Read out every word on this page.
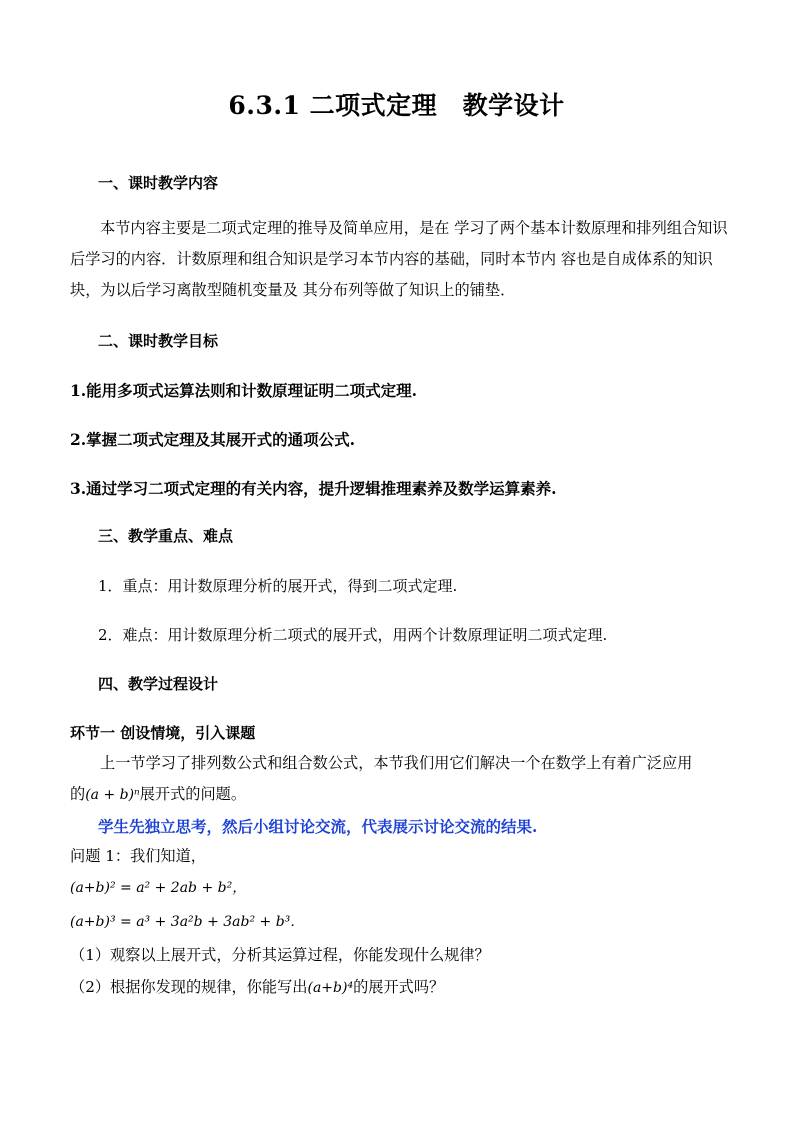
6.3.1 二项式定理　教学设计
一、课时教学内容
本节内容主要是二项式定理的推导及简单应用，是在 学习了两个基本计数原理和排列组合知识后学习的内容．计数原理和组合知识是学习本节内容的基础，同时本节内 容也是自成体系的知识块，为以后学习离散型随机变量及 其分布列等做了知识上的铺垫．
二、课时教学目标
1.能用多项式运算法则和计数原理证明二项式定理.
2.掌握二项式定理及其展开式的通项公式.
3.通过学习二项式定理的有关内容，提升逻辑推理素养及数学运算素养.
三、教学重点、难点
1．重点：用计数原理分析的展开式，得到二项式定理.
2．难点：用计数原理分析二项式的展开式，用两个计数原理证明二项式定理.
四、教学过程设计
环节一 创设情境，引入课题
上一节学习了排列数公式和组合数公式，本节我们用它们解决一个在数学上有着广泛应用
的(a + b)ⁿ展开式的问题。
学生先独立思考，然后小组讨论交流，代表展示讨论交流的结果.
问题 1：我们知道，
(a+b)² = a² + 2ab + b²，
(a+b)³ = a³ + 3a²b + 3ab² + b³．
（1）观察以上展开式，分析其运算过程，你能发现什么规律？
（2）根据你发现的规律，你能写出(a+b)⁴的展开式吗？
